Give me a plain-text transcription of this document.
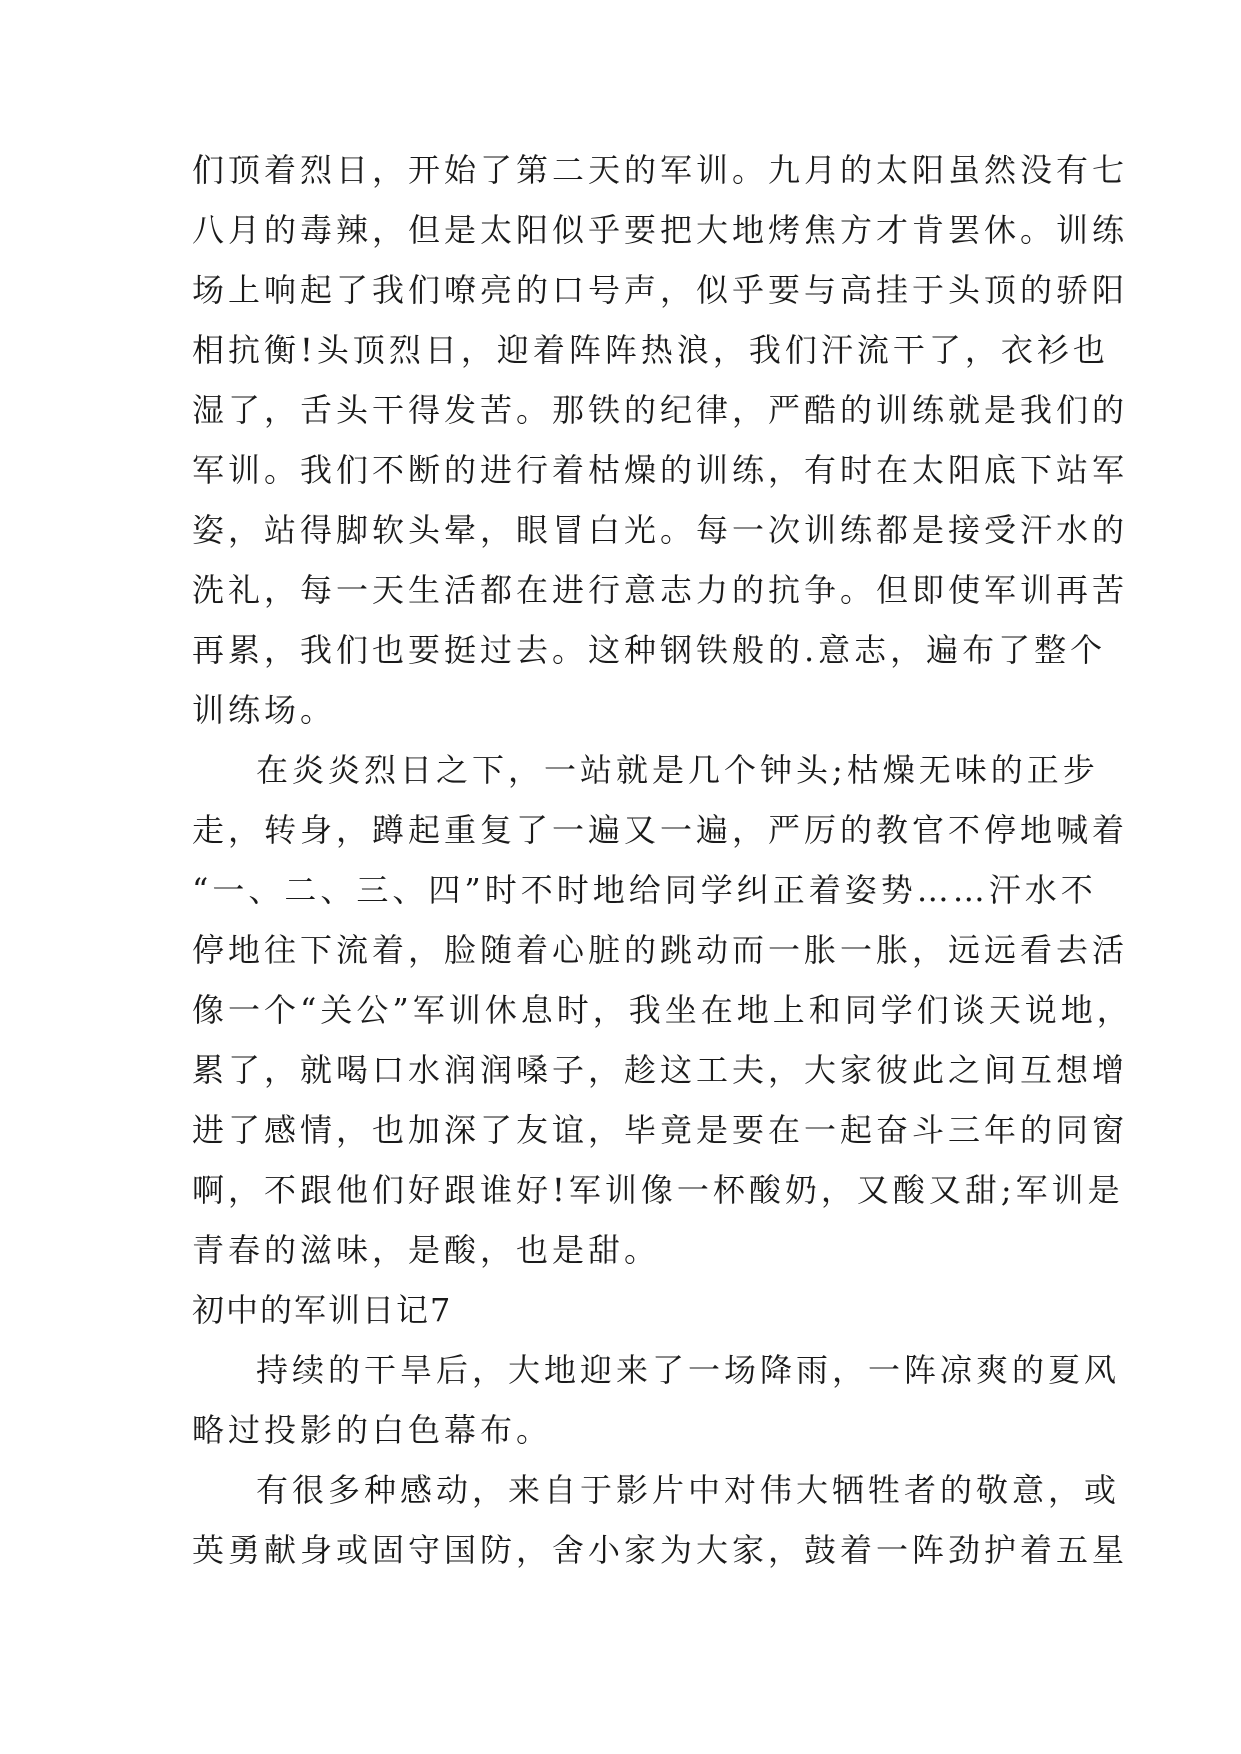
们顶着烈日，开始了第二天的军训。九月的太阳虽然没有七
八月的毒辣，但是太阳似乎要把大地烤焦方才肯罢休。训练
场上响起了我们嘹亮的口号声，似乎要与高挂于头顶的骄阳
相抗衡!头顶烈日，迎着阵阵热浪，我们汗流干了，衣衫也
湿了，舌头干得发苦。那铁的纪律，严酷的训练就是我们的
军训。我们不断的进行着枯燥的训练，有时在太阳底下站军
姿，站得脚软头晕，眼冒白光。每一次训练都是接受汗水的
洗礼，每一天生活都在进行意志力的抗争。但即使军训再苦
再累，我们也要挺过去。这种钢铁般的.意志，遍布了整个
训练场。
在炎炎烈日之下，一站就是几个钟头;枯燥无味的正步
走，转身，蹲起重复了一遍又一遍，严厉的教官不停地喊着
“一、二、三、四”时不时地给同学纠正着姿势……汗水不
停地往下流着，脸随着心脏的跳动而一胀一胀，远远看去活
像一个“关公”军训休息时，我坐在地上和同学们谈天说地，
累了，就喝口水润润嗓子，趁这工夫，大家彼此之间互想增
进了感情，也加深了友谊，毕竟是要在一起奋斗三年的同窗
啊，不跟他们好跟谁好!军训像一杯酸奶，又酸又甜;军训是
青春的滋味，是酸，也是甜。
初中的军训日记7
持续的干旱后，大地迎来了一场降雨，一阵凉爽的夏风
略过投影的白色幕布。
有很多种感动，来自于影片中对伟大牺牲者的敬意，或
英勇献身或固守国防，舍小家为大家，鼓着一阵劲护着五星
